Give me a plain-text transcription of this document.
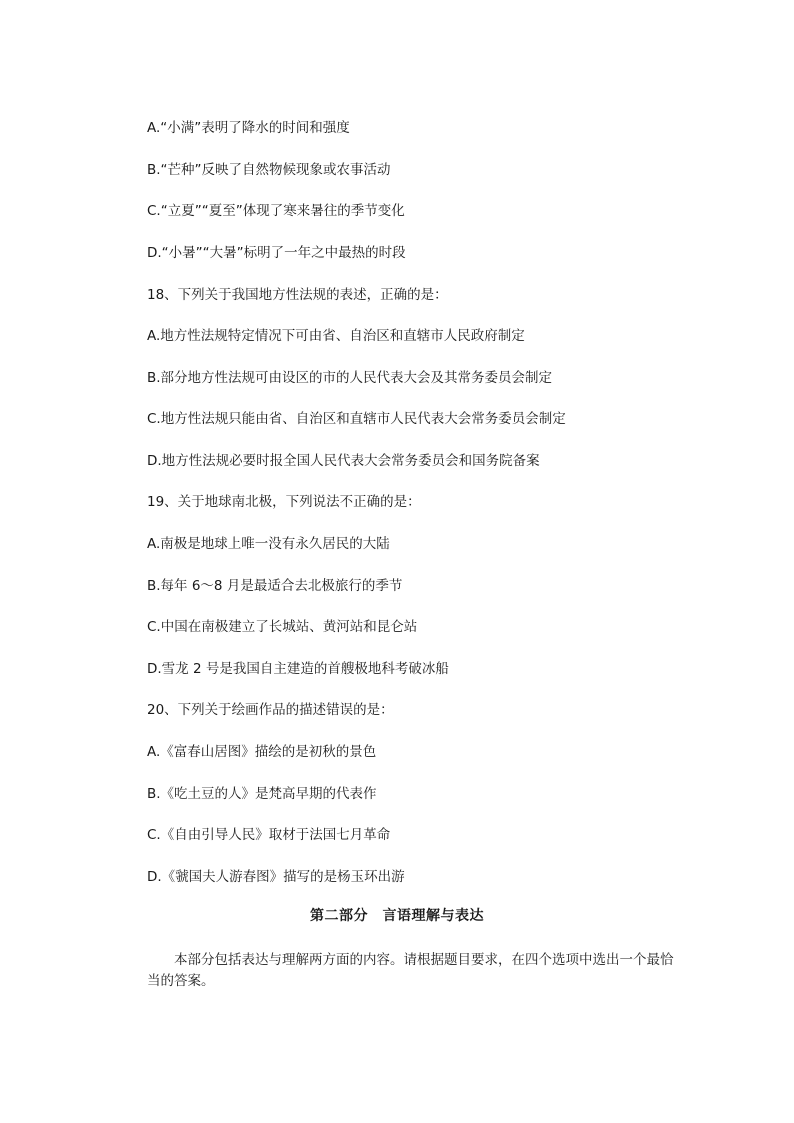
A.“小满”表明了降水的时间和强度
B.“芒种”反映了自然物候现象或农事活动
C.“立夏”“夏至”体现了寒来暑往的季节变化
D.“小暑”“大暑”标明了一年之中最热的时段
18、下列关于我国地方性法规的表述，正确的是：
A.地方性法规特定情况下可由省、自治区和直辖市人民政府制定
B.部分地方性法规可由设区的市的人民代表大会及其常务委员会制定
C.地方性法规只能由省、自治区和直辖市人民代表大会常务委员会制定
D.地方性法规必要时报全国人民代表大会常务委员会和国务院备案
19、关于地球南北极，下列说法不正确的是：
A.南极是地球上唯一没有永久居民的大陆
B.每年 6～8 月是最适合去北极旅行的季节
C.中国在南极建立了长城站、黄河站和昆仑站
D.雪龙 2 号是我国自主建造的首艘极地科考破冰船
20、下列关于绘画作品的描述错误的是：
A.《富春山居图》描绘的是初秋的景色
B.《吃土豆的人》是梵高早期的代表作
C.《自由引导人民》取材于法国七月革命
D.《虢国夫人游春图》描写的是杨玉环出游
第二部分　言语理解与表达
　　本部分包括表达与理解两方面的内容。请根据题目要求，在四个选项中选出一个最恰当的答案。
